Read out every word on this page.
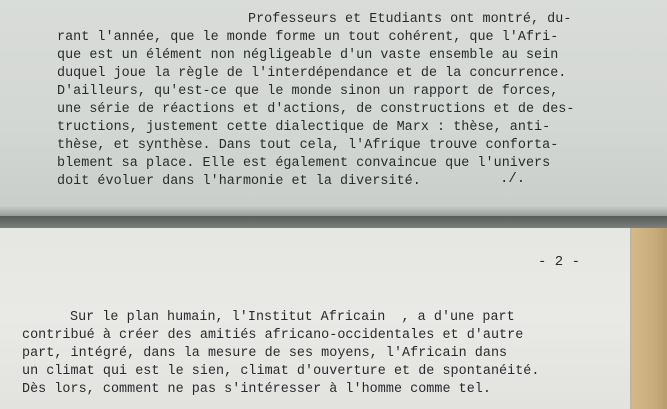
Professeurs et Etudiants ont montré, du-
rant l'année, que le monde forme un tout cohérent, que l'Afri-
que est un élément non négligeable d'un vaste ensemble au sein
duquel joue la règle de l'interdépendance et de la concurrence.
D'ailleurs, qu'est-ce que le monde sinon un rapport de forces,
une série de réactions et d'actions, de constructions et de des-
tructions, justement cette dialectique de Marx : thèse, anti-
thèse, et synthèse. Dans tout cela, l'Afrique trouve conforta-
blement sa place. Elle est également convaincue que l'univers
doit évoluer dans l'harmonie et la diversité.	./.
- 2 -
Sur le plan humain, l'Institut Africain  , a d'une part
contribué à créer des amitiés africano-occidentales et d'autre
part, intégré, dans la mesure de ses moyens, l'Africain dans
un climat qui est le sien, climat d'ouverture et de spontanéité.
Dès lors, comment ne pas s'intéresser à l'homme comme tel.
